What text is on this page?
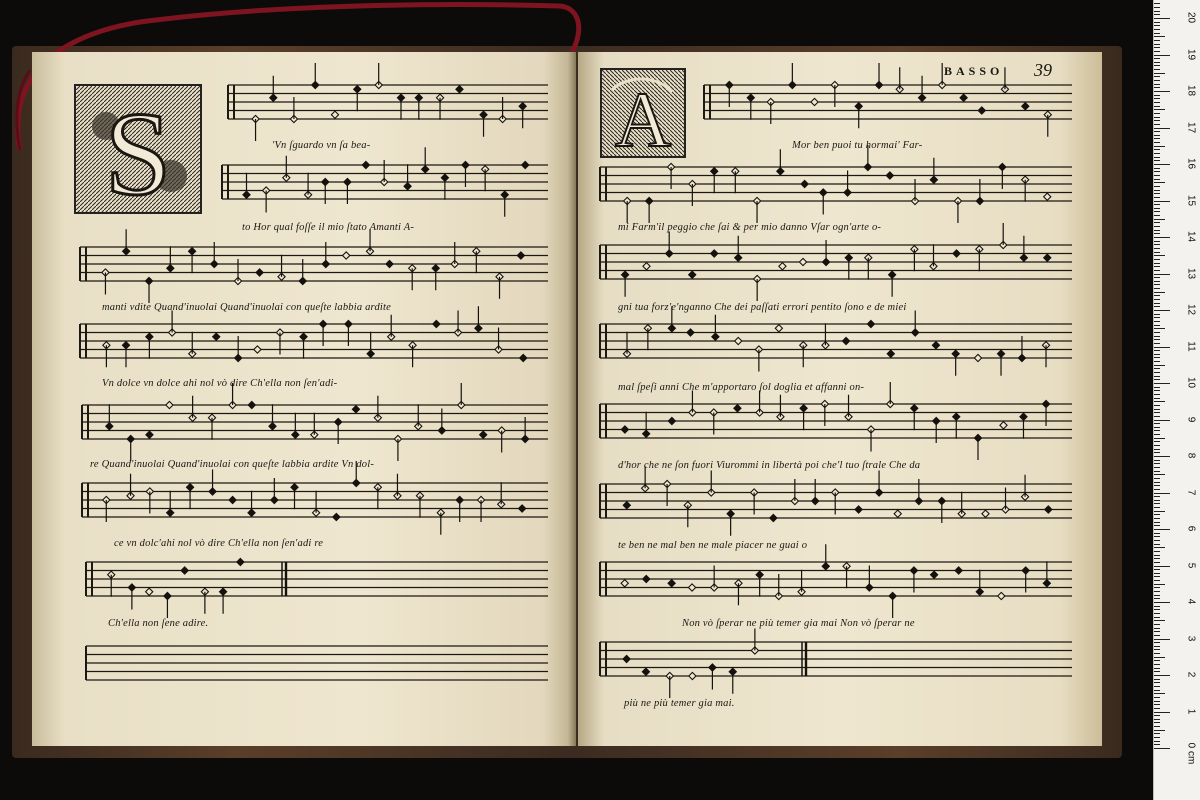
S	'Vn ſguardo vn ſa bea-
to Hor qual foſſe il mio ſtato Amanti A-
manti vdite Quand'inuolai Quand'inuolai con queſte labbia ardite
Vn dolce vn dolce ahi nol vò dire Ch'ella non ſen'adi-
re Quand'inuolai Quand'inuolai con queſte labbia ardite Vn dol-
ce vn dolc'ahi nol vò dire Ch'ella non ſen'adi re
Ch'ella non ſene adire.
A
BASSO 39
Mor ben puoi tu hormai' Far-
mi Farm'il peggio che ſai & per mio danno Vſar ogn'arte o-
gni tua forz'e'nganno Che dei paſſati errori pentito ſono e de miei
mal ſpeſi anni Che m'apportaro ſol doglia et affanni on-
d'hor che ne ſon fuori Viurommi in libertà poi che'l tuo ſtrale Che da
te ben ne mal ben ne male piacer ne guai o
Non vò ſperar ne più temer gia mai Non vò ſperar ne
più ne più temer gia mai.
0 cm
1
2
3
4
5
6
7
8
9
10
11
12
13
14
15
16
17
18
19
20
